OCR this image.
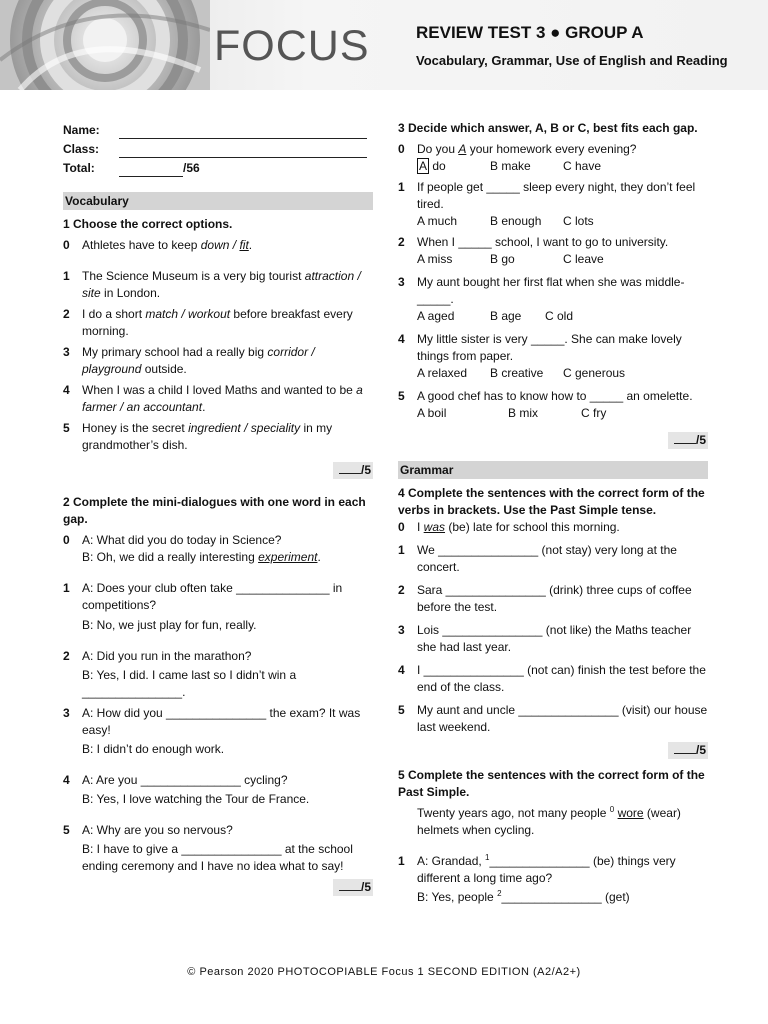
FOCUS	REVIEW TEST 3 ● GROUP A
Vocabulary, Grammar, Use of English and Reading
Name:
Class:
Total:	/56
Vocabulary

1 Choose the correct options.

0	Athletes have to keep down / fit.
1	The Science Museum is a very big tourist attraction / site in London.
2	I do a short match / workout before breakfast every morning.
3	My primary school had a really big corridor / playground outside.
4	When I was a child I loved Maths and wanted to be a farmer / an accountant.
5	Honey is the secret ingredient / speciality in my grandmother’s dish.
/5

2 Complete the mini-dialogues with one word in each gap.

0	A: What did you do today in Science?
B: Oh, we did a really interesting experiment.
1	A: Does your club often take ______________ in competitions?
B: No, we just play for fun, really.
2	A: Did you run in the marathon?
B: Yes, I did. I came last so I didn’t win a _______________.
3	A: How did you _______________ the exam? It was easy!
B: I didn’t do enough work.
4	A: Are you _______________ cycling?
B: Yes, I love watching the Tour de France.
5	A: Why are you so nervous?
B: I have to give a _______________ at the school ending ceremony and I have no idea what to say!
/5

3 Decide which answer, A, B or C, best fits each gap.

0	Do you A your homework every evening?
A do	B make	C have
1	If people get _____ sleep every night, they don’t feel tired.
A much	B enough	C lots
2	When I _____ school, I want to go to university.
A miss	B go	C leave
3	My aunt bought her first flat when she was middle- _____.
A aged	B age	C old
4	My little sister is very _____. She can make lovely things from paper.
A relaxed	B creative C generous
5	A good chef has to know how to _____ an omelette.
A boil	B mix	C fry
/5
Grammar

4 Complete the sentences with the correct form of the verbs in brackets. Use the Past Simple tense.

0	I was (be) late for school this morning.
1	We _______________ (not stay) very long at the concert.
2	Sara _______________ (drink) three cups of coffee before the test.
3	Lois _______________ (not like) the Maths teacher she had last year.
4	I _______________ (not can) finish the test before the end of the class.
5	My aunt and uncle _______________ (visit) our house last weekend.
/5

5 Complete the sentences with the correct form of the Past Simple.

Twenty years ago, not many people $^0$ wore (wear) helmets when cycling.
1	A: Grandad, $^1$_______________ (be) things very different a long time ago?
B: Yes, people $^2$_______________ (get)
© Pearson 2020 PHOTOCOPIABLE Focus 1 SECOND EDITION (A2/A2+)
